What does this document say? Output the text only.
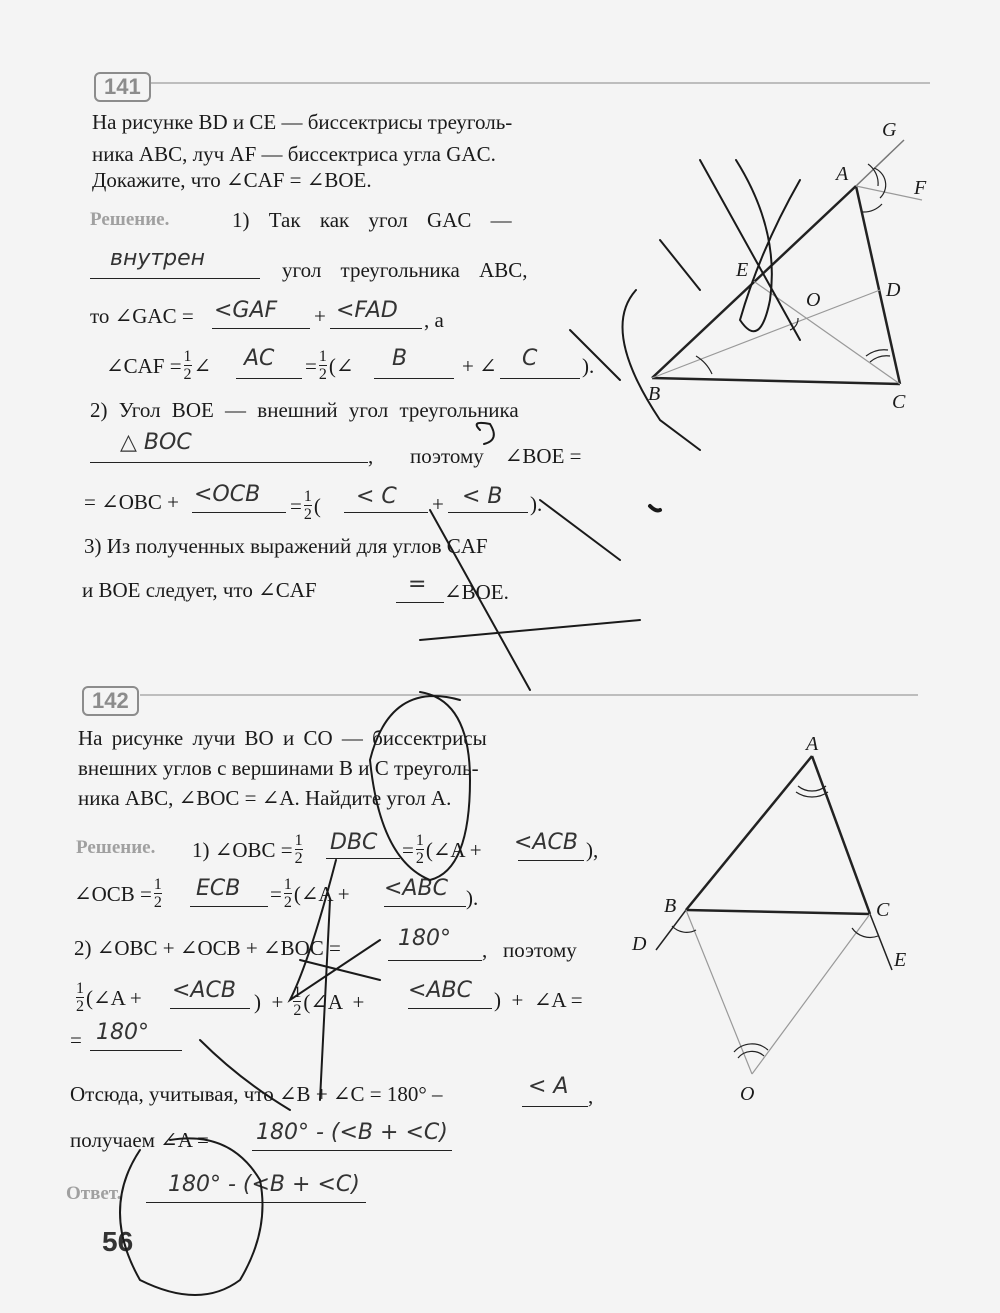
141
На рисунке BD и CE — биссектрисы треуголь-
ника ABC, луч AF — биссектриса угла GAC.
Докажите, что ∠CAF = ∠BOE.
Решение.	1) Так как угол GAC —
внутрен	угол треугольника ABC,
то ∠GAC = <GAF + <FAD , а
∠CAF = $\frac{1}{2}$ ∠ AC = $\frac{1}{2}$ (∠ B	+ ∠ C ).
2) Угол BOE — внешний угол треугольника
△ BOC
,       поэтому    ∠BOE =
= ∠OBC + $<OCB = \frac{1}{2}$ ( < C + < B ).
3) Из полученных выражений для углов CAF
и BOE следует, что ∠CAF	= ∠BOE.
142
На рисунке лучи BO и CO — биссектрисы
внешних углов с вершинами B и C треуголь-
ника ABC, ∠BOC = ∠A. Найдите угол A.
Решение. 1) ∠OBC = $\frac{1}{2}$ DBC = $\frac{1}{2}$ (∠A + <ACB ),
∠OCB = $\frac{1}{2}$ ECB = $\frac{1}{2}$ (∠A + <ABC ).
2) ∠OBC + ∠OCB + ∠BOC =	180° ,   поэтому
$\frac{1}{2}$ (∠A + <ACB )  + $\frac{1}{2}$ (∠A  + <ABC )  +  ∠A =
= 180°
Отсюда, учитывая, что ∠B + ∠C = 180° –	< A ,
получаем ∠A = 180° - (<B + <C)
Ответ. 180° - (<B + <C)
56
G
A
F
E
D
O
B	C
A
B	C
D
E
O
